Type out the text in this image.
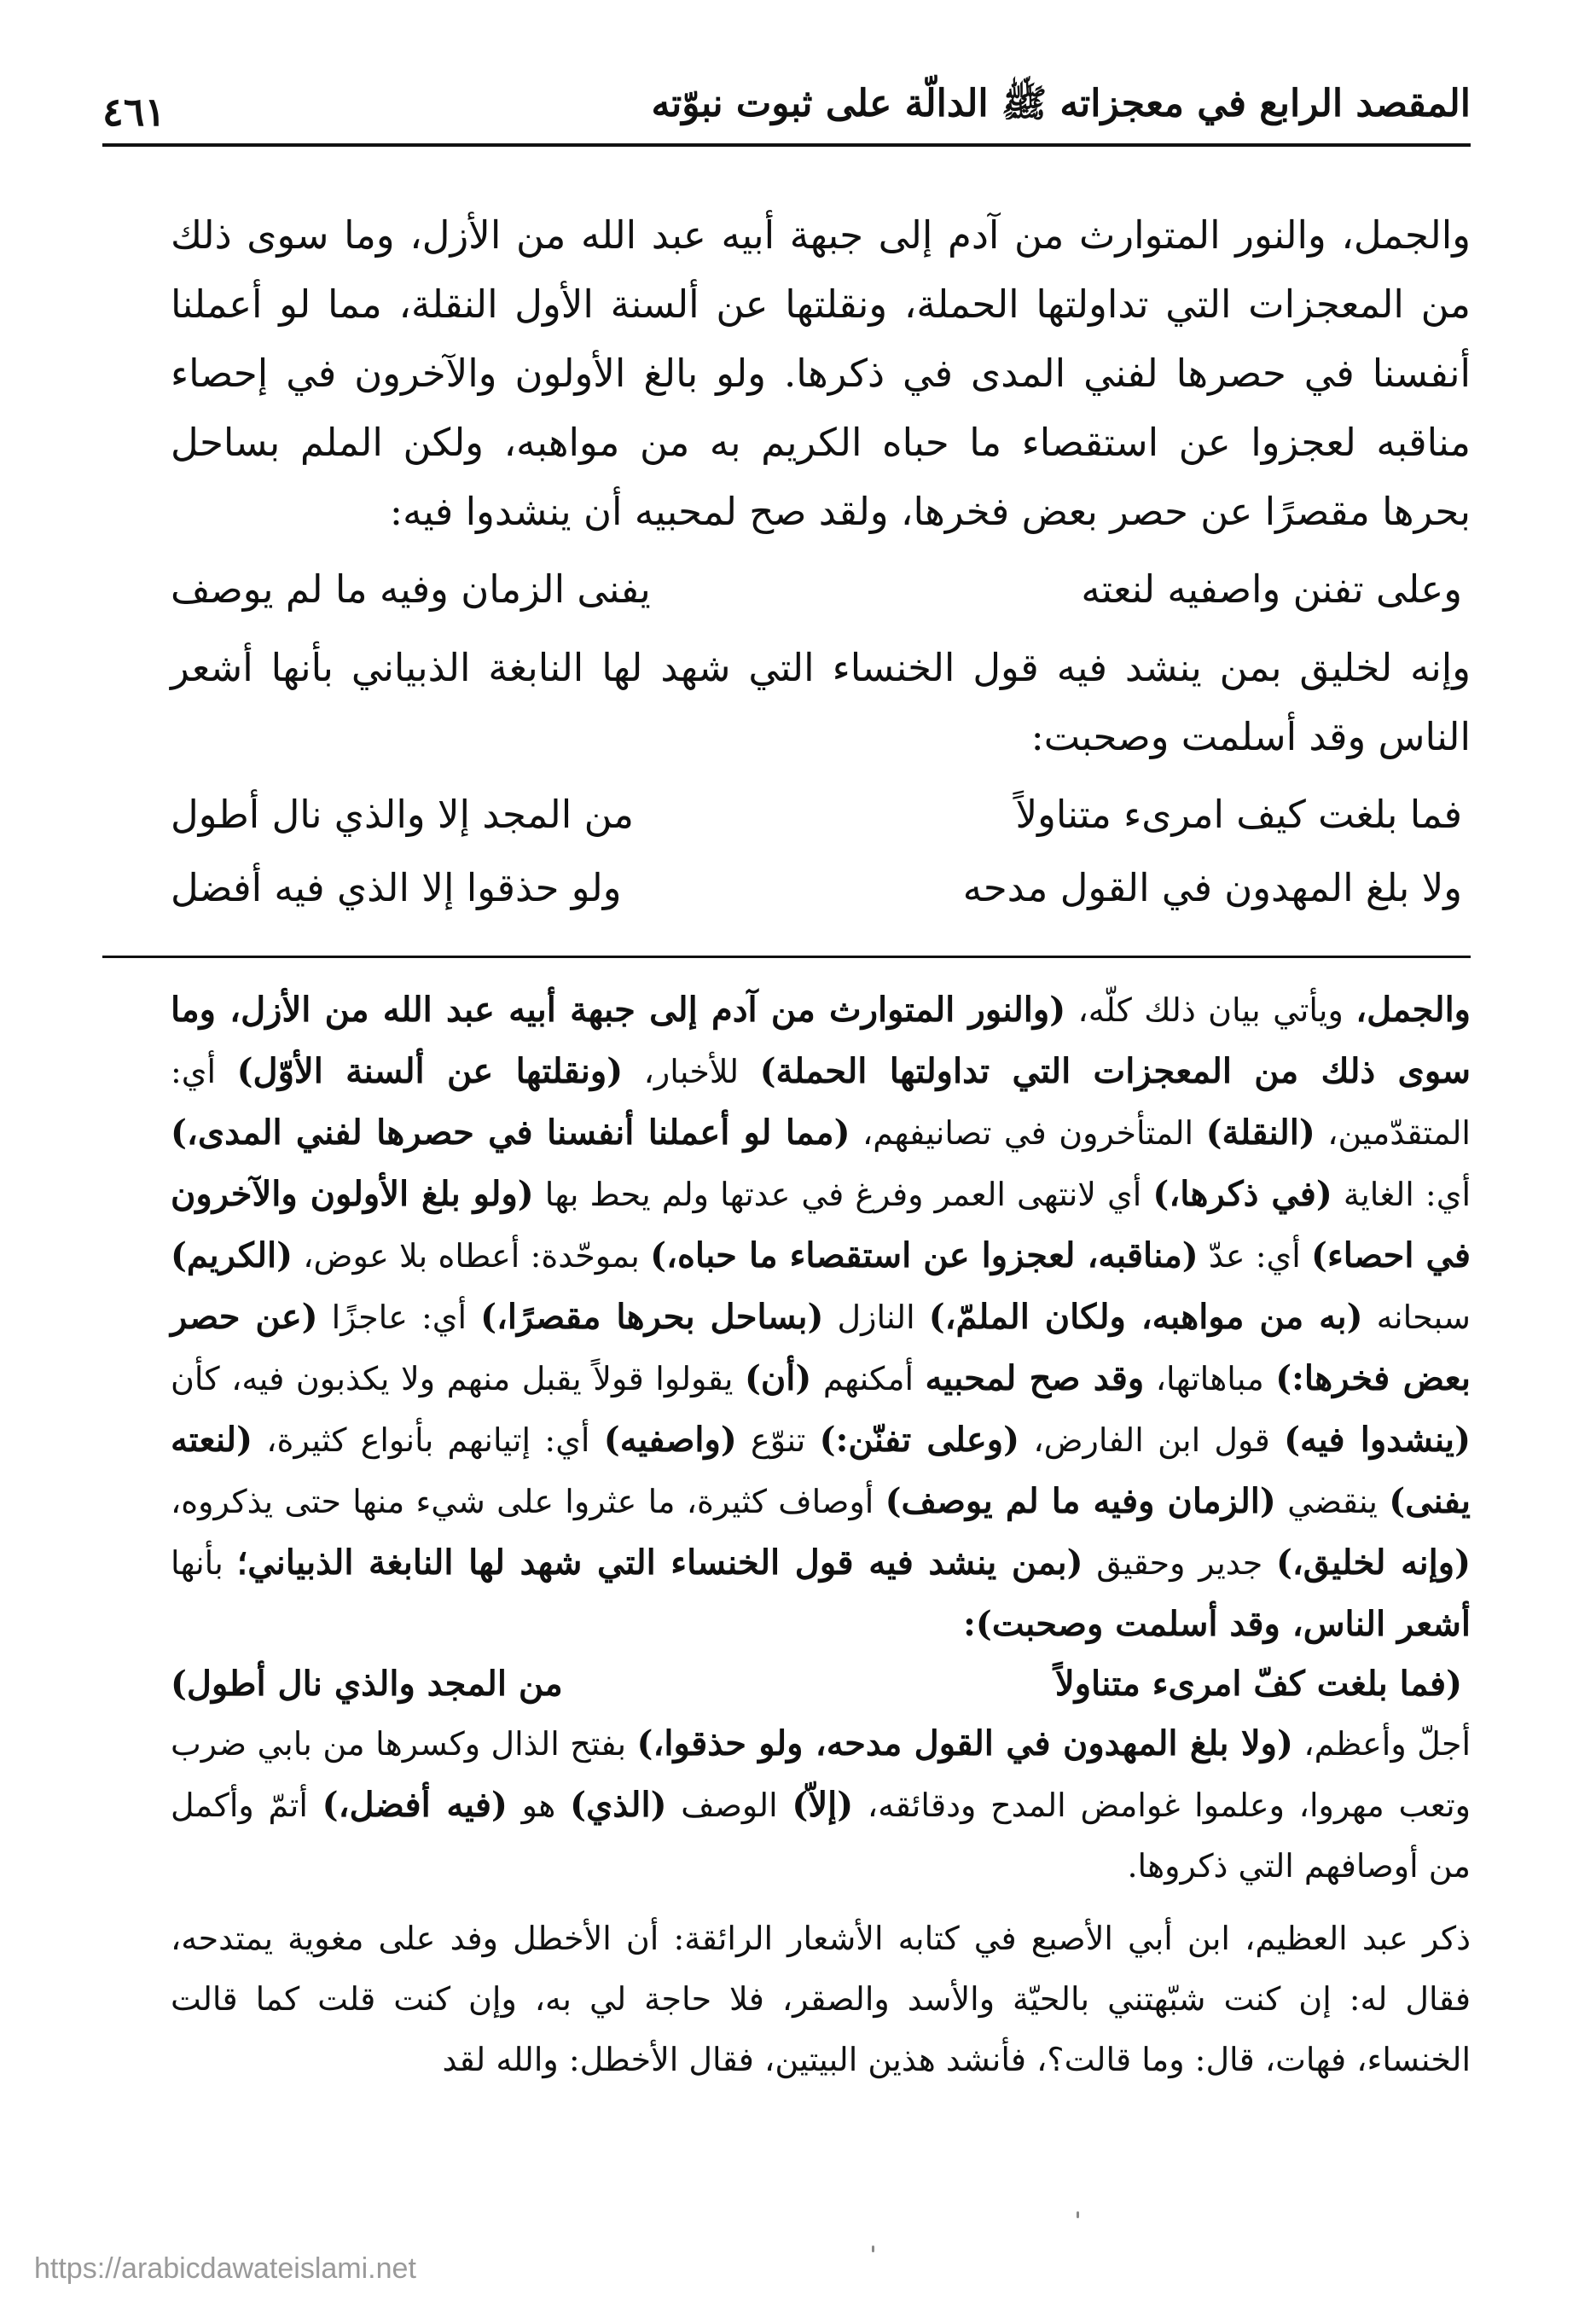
المقصد الرابع في معجزاته ﷺ الدالّة على ثبوت نبوّته
٤٦١

والجمل، والنور المتوارث من آدم إلى جبهة أبيه عبد الله من الأزل، وما سوى ذلك من المعجزات التي تداولتها الحملة، ونقلتها عن ألسنة الأول النقلة، مما لو أعملنا أنفسنا في حصرها لفني المدى في ذكرها. ولو بالغ الأولون والآخرون في إحصاء مناقبه لعجزوا عن استقصاء ما حباه الكريم به من مواهبه، ولكن الملم بساحل بحرها مقصرًا عن حصر بعض فخرها، ولقد صح لمحبيه أن ينشدوا فيه:

وعلى تفنن واصفيه لنعته
يفنى الزمان وفيه ما لم يوصف

وإنه لخليق بمن ينشد فيه قول الخنساء التي شهد لها النابغة الذبياني بأنها أشعر الناس وقد أسلمت وصحبت:

فما بلغت كيف امرىء متناولاً
من المجد إلا والذي نال أطول
ولا بلغ المهدون في القول مدحه
ولو حذقوا إلا الذي فيه أفضل

والجمل، ويأتي بيان ذلك كلّه، (والنور المتوارث من آدم إلى جبهة أبيه عبد الله من الأزل، وما سوى ذلك من المعجزات التي تداولتها الحملة) للأخبار، (ونقلتها عن ألسنة الأوّل) أي: المتقدّمين، (النقلة) المتأخرون في تصانيفهم، (مما لو أعملنا أنفسنا في حصرها لفني المدى،) أي: الغاية (في ذكرها،) أي لانتهى العمر وفرغ في عدتها ولم يحط بها (ولو بلغ الأولون والآخرون في احصاء) أي: عدّ (مناقبه، لعجزوا عن استقصاء ما حباه،) بموحّدة: أعطاه بلا عوض، (الكريم) سبحانه (به من مواهبه، ولكان الملمّ،) النازل (بساحل بحرها مقصرًا،) أي: عاجزًا (عن حصر بعض فخرها:) مباهاتها، وقد صح لمحبيه أمكنهم (أن) يقولوا قولاً يقبل منهم ولا يكذبون فيه، كأن (ينشدوا فيه) قول ابن الفارض، (وعلى تفنّن:) تنوّع (واصفيه) أي: إتيانهم بأنواع كثيرة، (لنعته يفنى) ينقضي (الزمان وفيه ما لم يوصف) أوصاف كثيرة، ما عثروا على شيء منها حتى يذكروه، (وإنه لخليق،) جدير وحقيق (بمن ينشد فيه قول الخنساء التي شهد لها النابغة الذبياني؛ بأنها أشعر الناس، وقد أسلمت وصحبت):

(فما بلغت كفّ امرىء متناولاً
من المجد والذي نال أطول)

أجلّ وأعظم، (ولا بلغ المهدون في القول مدحه، ولو حذقوا،) بفتح الذال وكسرها من بابي ضرب وتعب مهروا، وعلموا غوامض المدح ودقائقه، (إلاّ) الوصف (الذي) هو (فيه أفضل،) أتمّ وأكمل من أوصافهم التي ذكروها.

ذكر عبد العظيم، ابن أبي الأصبع في كتابه الأشعار الرائقة: أن الأخطل وفد على مغوية يمتدحه، فقال له: إن كنت شبّهتني بالحيّة والأسد والصقر، فلا حاجة لي به، وإن كنت قلت كما قالت الخنساء، فهات، قال: وما قالت؟، فأنشد هذين البيتين، فقال الأخطل: والله لقد

https://arabicdawateislami.net
